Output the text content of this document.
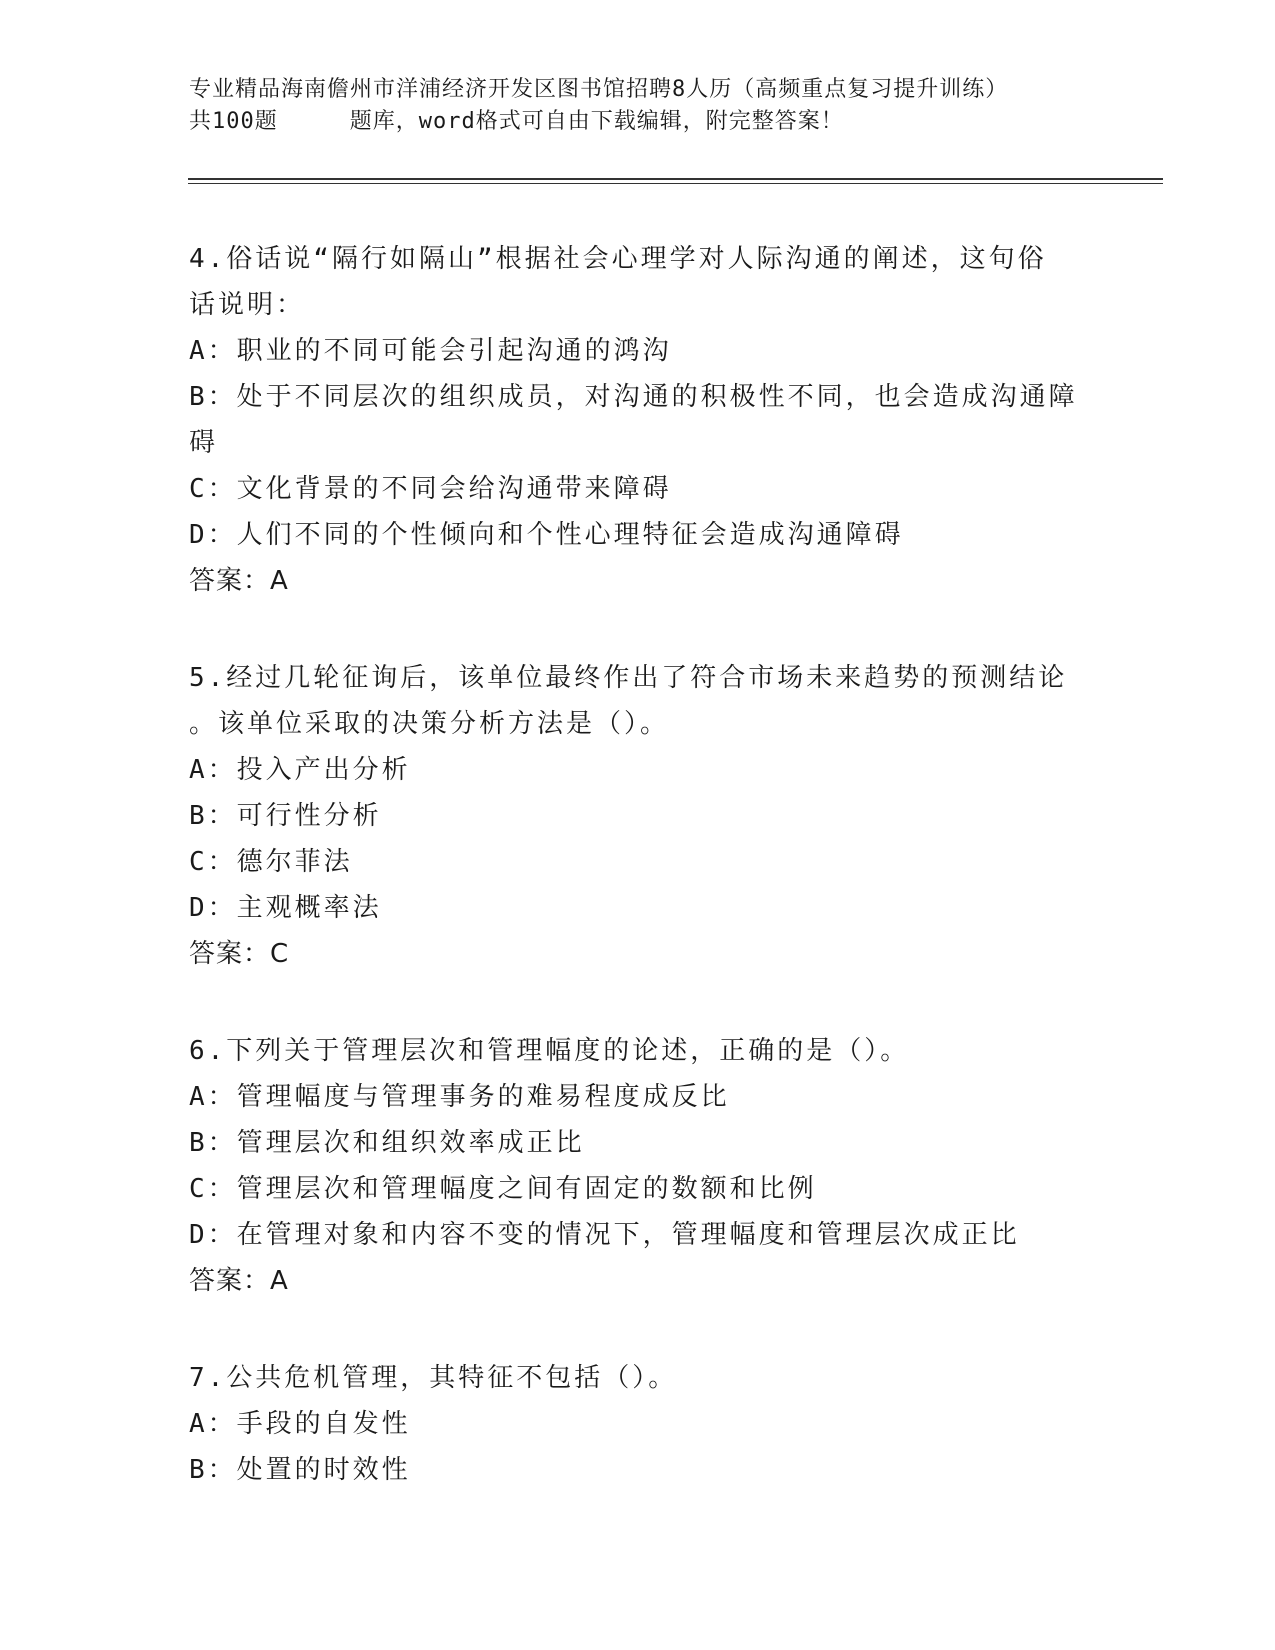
专业精品海南儋州市洋浦经济开发区图书馆招聘8人历（高频重点复习提升训练）
共100题	题库，word格式可自由下载编辑，附完整答案！
4.俗话说“隔行如隔山”根据社会心理学对人际沟通的阐述，这句俗
话说明：
A：职业的不同可能会引起沟通的鸿沟
B：处于不同层次的组织成员，对沟通的积极性不同，也会造成沟通障
碍
C：文化背景的不同会给沟通带来障碍
D：人们不同的个性倾向和个性心理特征会造成沟通障碍
答案：A
5.经过几轮征询后，该单位最终作出了符合市场未来趋势的预测结论
。该单位采取的决策分析方法是（）。
A：投入产出分析
B：可行性分析
C：德尔菲法
D：主观概率法
答案：C
6.下列关于管理层次和管理幅度的论述，正确的是（）。
A：管理幅度与管理事务的难易程度成反比
B：管理层次和组织效率成正比
C：管理层次和管理幅度之间有固定的数额和比例
D：在管理对象和内容不变的情况下，管理幅度和管理层次成正比
答案：A
7.公共危机管理，其特征不包括（）。
A：手段的自发性
B：处置的时效性
